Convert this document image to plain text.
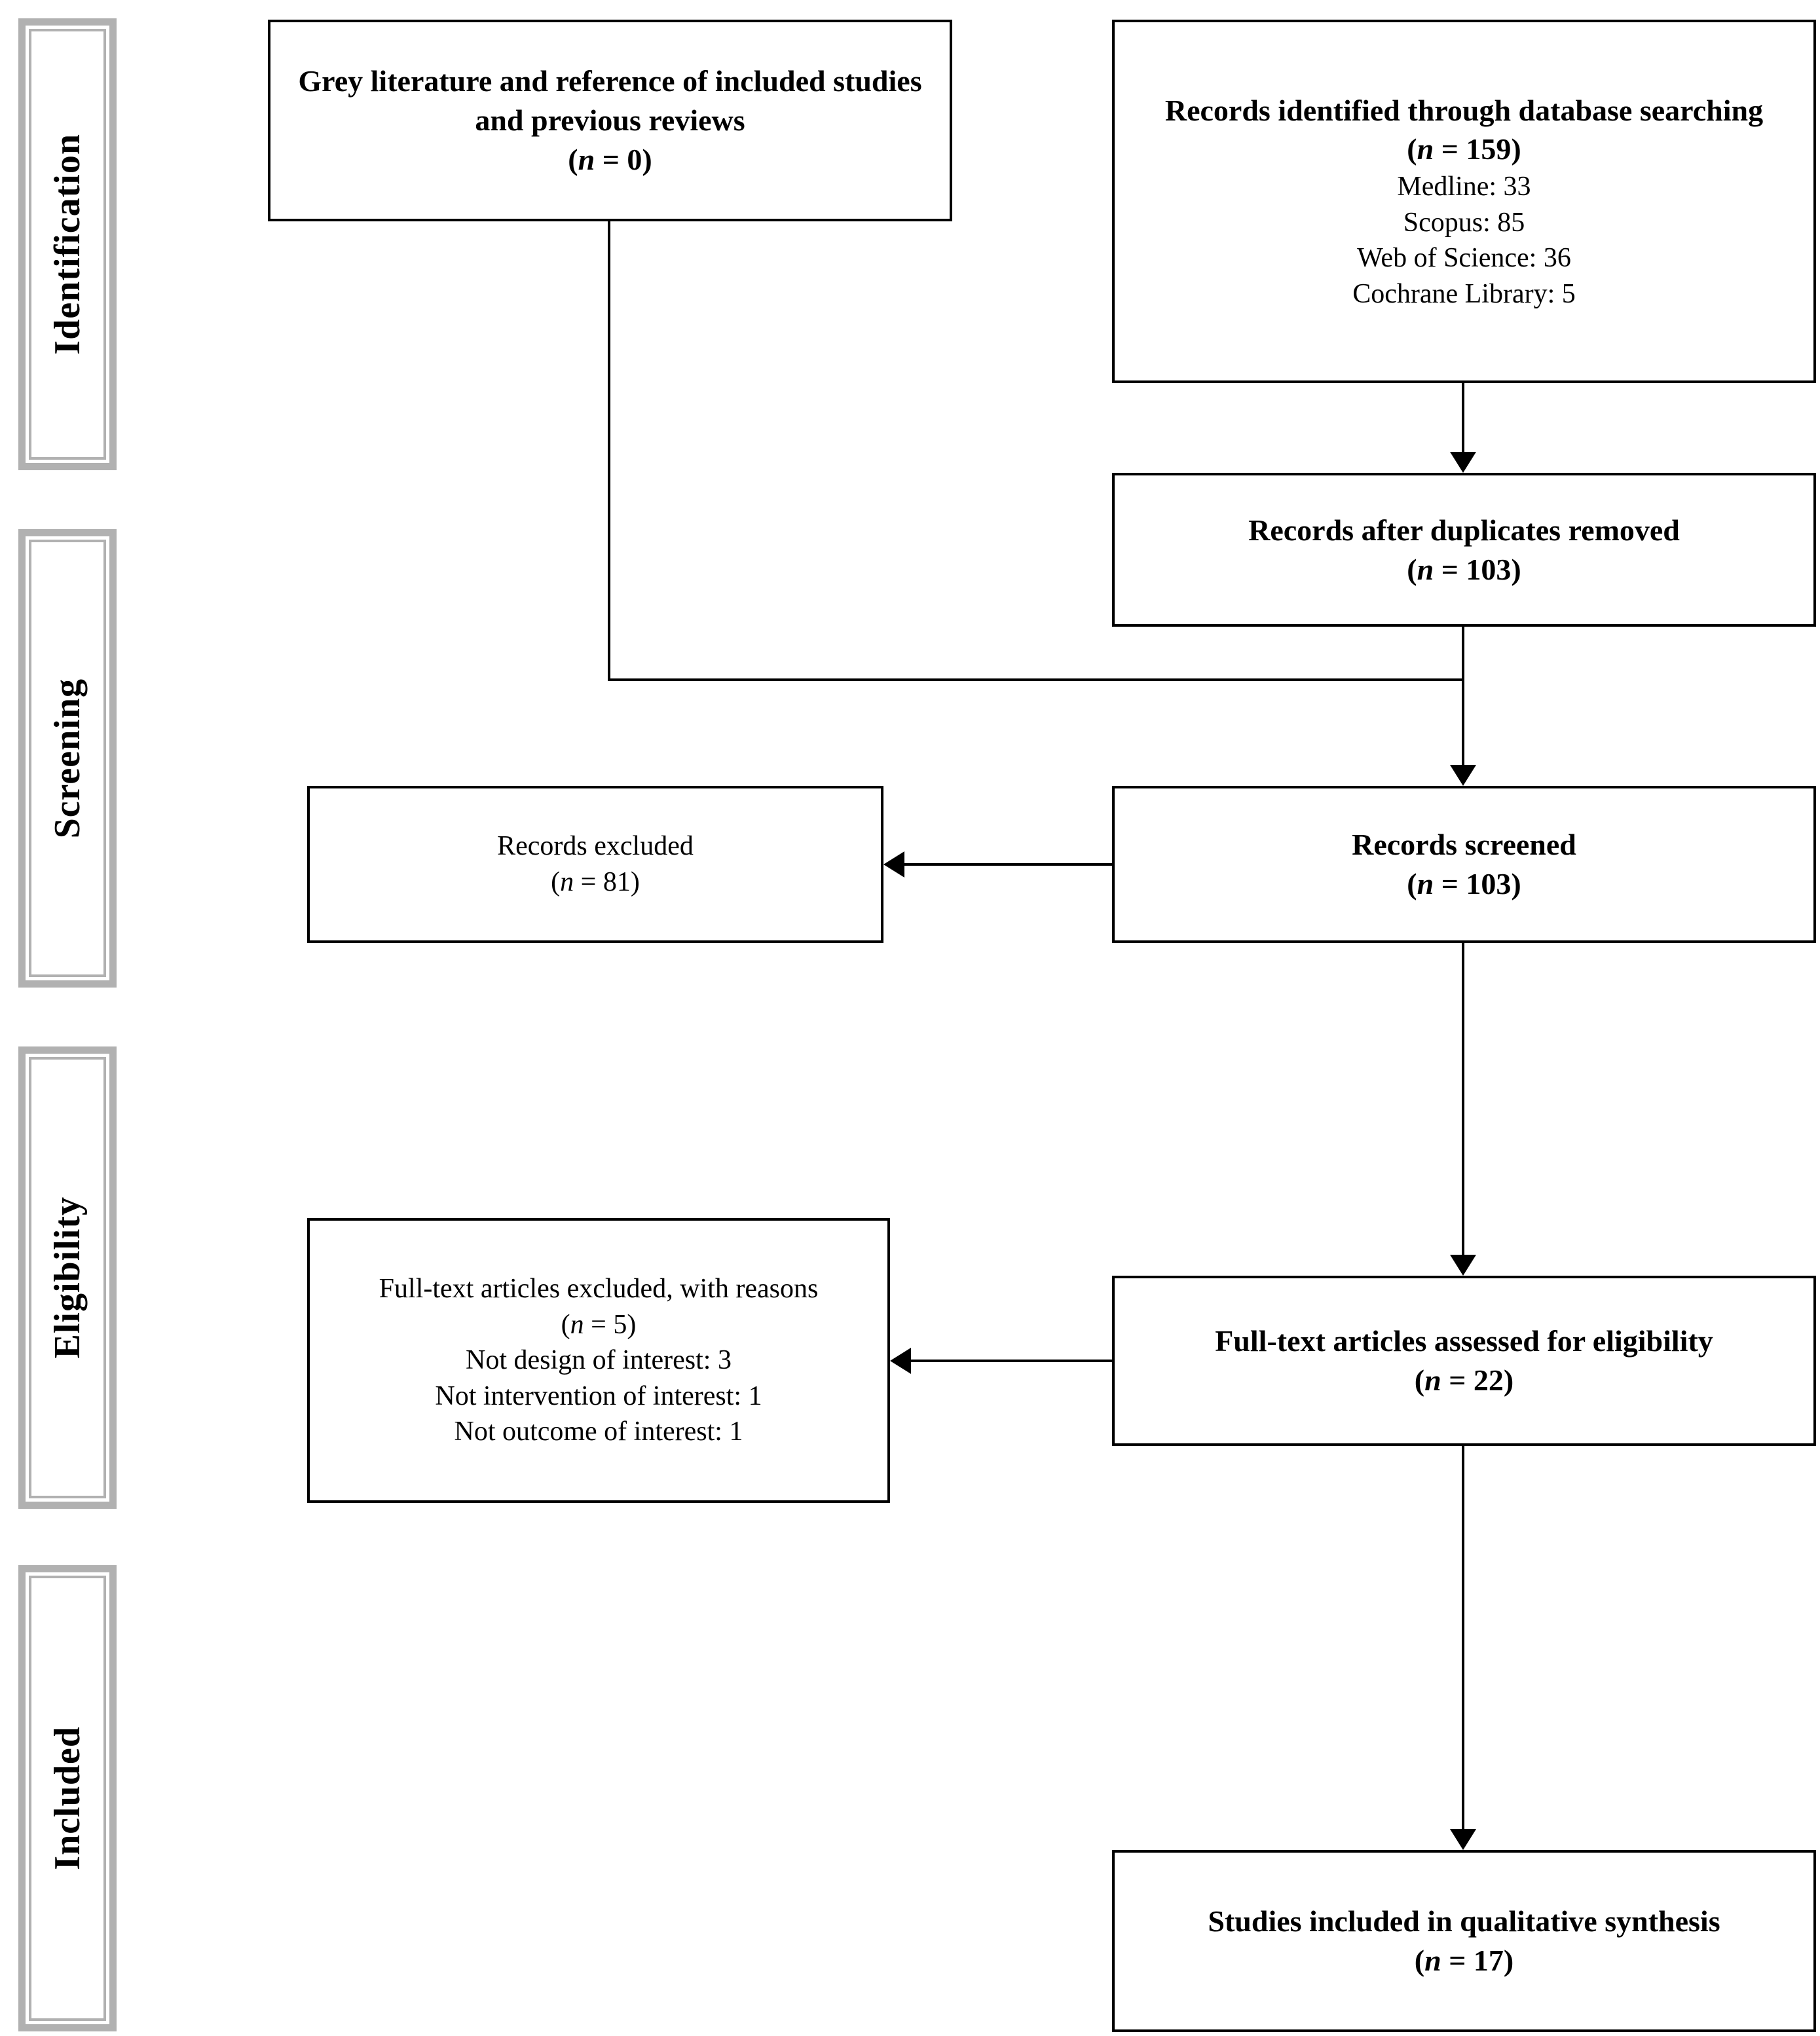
Identification
Screening
Eligibility
Included
Grey literature and reference of included studies and previous reviews
(n = 0)
Records identified through database searching
(n = 159)
Medline: 33
Scopus: 85
Web of Science: 36
Cochrane Library: 5
Records after duplicates removed
(n = 103)
Records excluded
(n = 81)
Records screened
(n = 103)
Full-text articles excluded, with reasons
(n = 5)
Not design of interest: 3
Not intervention of interest: 1
Not outcome of interest: 1
Full-text articles assessed for eligibility
(n = 22)
Studies included in qualitative synthesis
(n = 17)
